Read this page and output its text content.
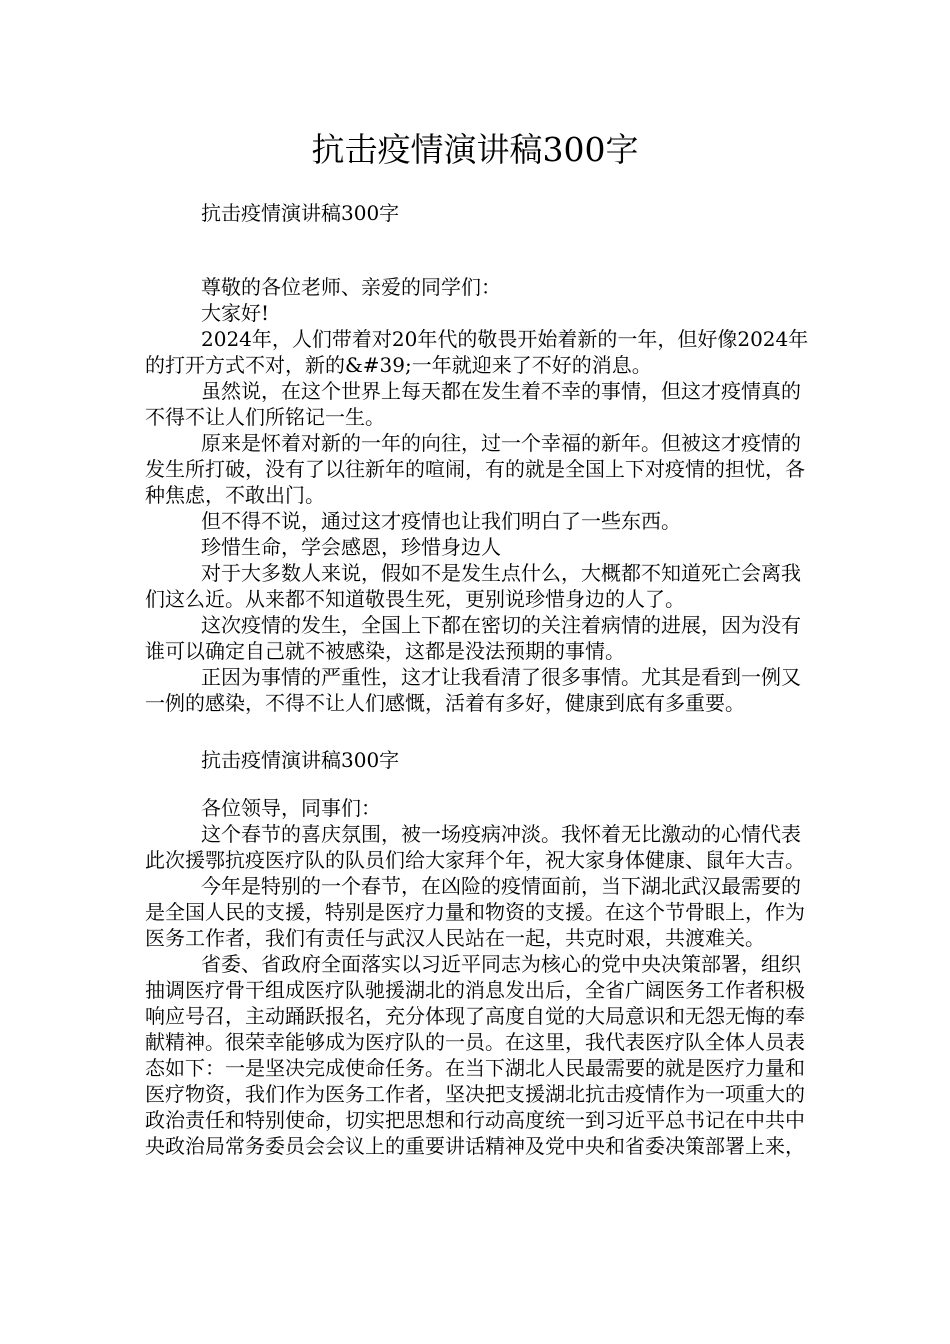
抗击疫情演讲稿300字
抗击疫情演讲稿300字

尊敬的各位老师、亲爱的同学们：

大家好!

2024年，人们带着对20年代的敬畏开始着新的一年，但好像2024年的打开方式不对，新的&#39;一年就迎来了不好的消息。

虽然说，在这个世界上每天都在发生着不幸的事情，但这才疫情真的不得不让人们所铭记一生。

原来是怀着对新的一年的向往，过一个幸福的新年。但被这才疫情的发生所打破，没有了以往新年的喧闹，有的就是全国上下对疫情的担忧，各种焦虑，不敢出门。

但不得不说，通过这才疫情也让我们明白了一些东西。

珍惜生命，学会感恩，珍惜身边人

对于大多数人来说，假如不是发生点什么，大概都不知道死亡会离我们这么近。从来都不知道敬畏生死，更别说珍惜身边的人了。

这次疫情的发生，全国上下都在密切的关注着病情的进展，因为没有谁可以确定自己就不被感染，这都是没法预期的事情。

正因为事情的严重性，这才让我看清了很多事情。尤其是看到一例又一例的感染，不得不让人们感慨，活着有多好，健康到底有多重要。

抗击疫情演讲稿300字

各位领导，同事们：

这个春节的喜庆氛围，被一场疫病冲淡。我怀着无比激动的心情代表此次援鄂抗疫医疗队的队员们给大家拜个年，祝大家身体健康、鼠年大吉。

今年是特别的一个春节，在凶险的疫情面前，当下湖北武汉最需要的是全国人民的支援，特别是医疗力量和物资的支援。在这个节骨眼上，作为医务工作者，我们有责任与武汉人民站在一起，共克时艰，共渡难关。

省委、省政府全面落实以习近平同志为核心的党中央决策部署，组织抽调医疗骨干组成医疗队驰援湖北的消息发出后，全省广阔医务工作者积极响应号召，主动踊跃报名，充分体现了高度自觉的大局意识和无怨无悔的奉献精神。很荣幸能够成为医疗队的一员。在这里，我代表医疗队全体人员表态如下：一是坚决完成使命任务。在当下湖北人民最需要的就是医疗力量和医疗物资，我们作为医务工作者，坚决把支援湖北抗击疫情作为一项重大的政治责任和特别使命，切实把思想和行动高度统一到习近平总书记在中共中央政治局常务委员会会议上的重要讲话精神及党中央和省委决策部署上来，
